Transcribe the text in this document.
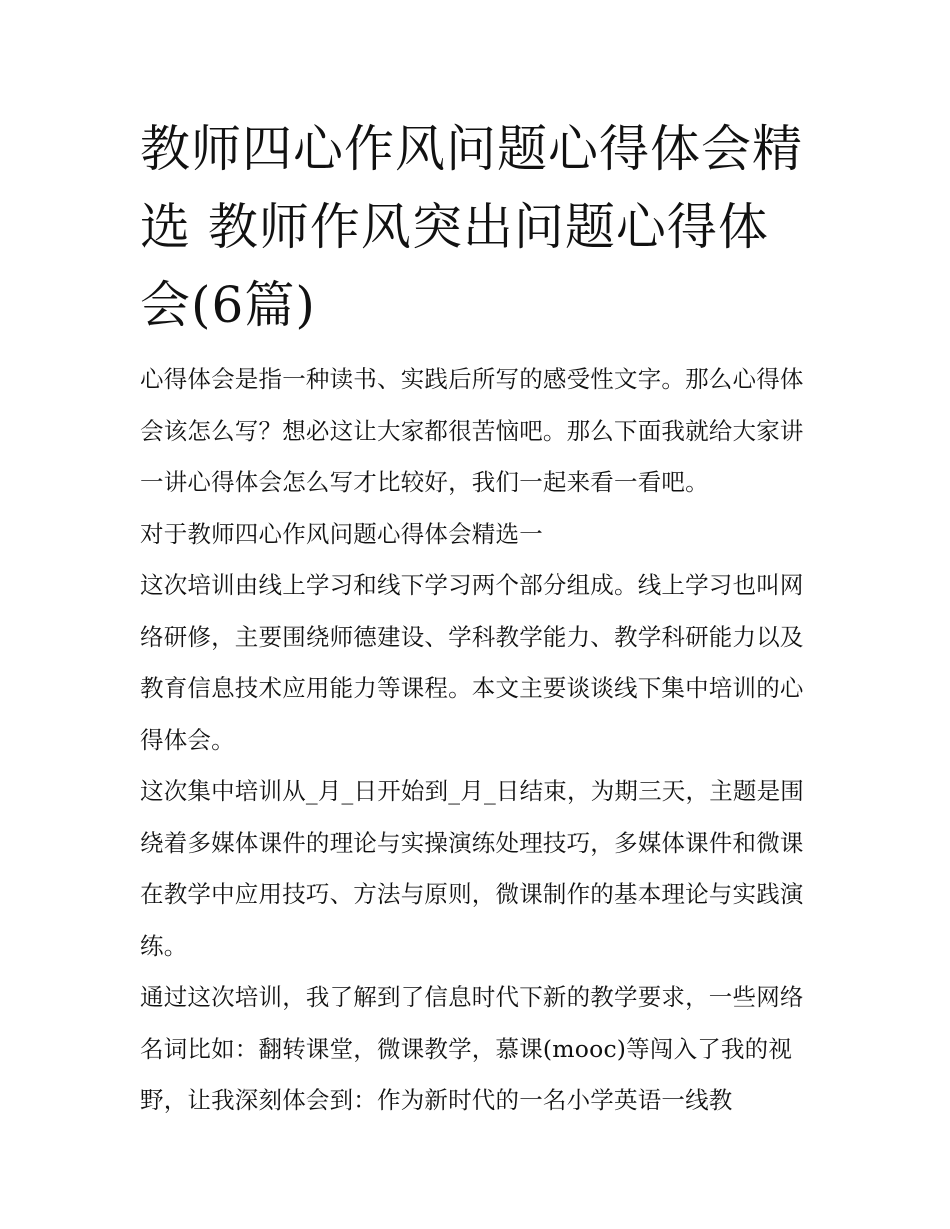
教师四心作风问题心得体会精选 教师作风突出问题心得体会(6篇)

心得体会是指一种读书、实践后所写的感受性文字。那么心得体会该怎么写？想必这让大家都很苦恼吧。那么下面我就给大家讲一讲心得体会怎么写才比较好，我们一起来看一看吧。

对于教师四心作风问题心得体会精选一

这次培训由线上学习和线下学习两个部分组成。线上学习也叫网络研修，主要围绕师德建设、学科教学能力、教学科研能力以及教育信息技术应用能力等课程。本文主要谈谈线下集中培训的心得体会。

这次集中培训从_月_日开始到_月_日结束，为期三天，主题是围绕着多媒体课件的理论与实操演练处理技巧，多媒体课件和微课在教学中应用技巧、方法与原则，微课制作的基本理论与实践演练。

通过这次培训，我了解到了信息时代下新的教学要求，一些网络名词比如：翻转课堂，微课教学，慕课(mooc)等闯入了我的视野，让我深刻体会到：作为新时代的一名小学英语一线教
